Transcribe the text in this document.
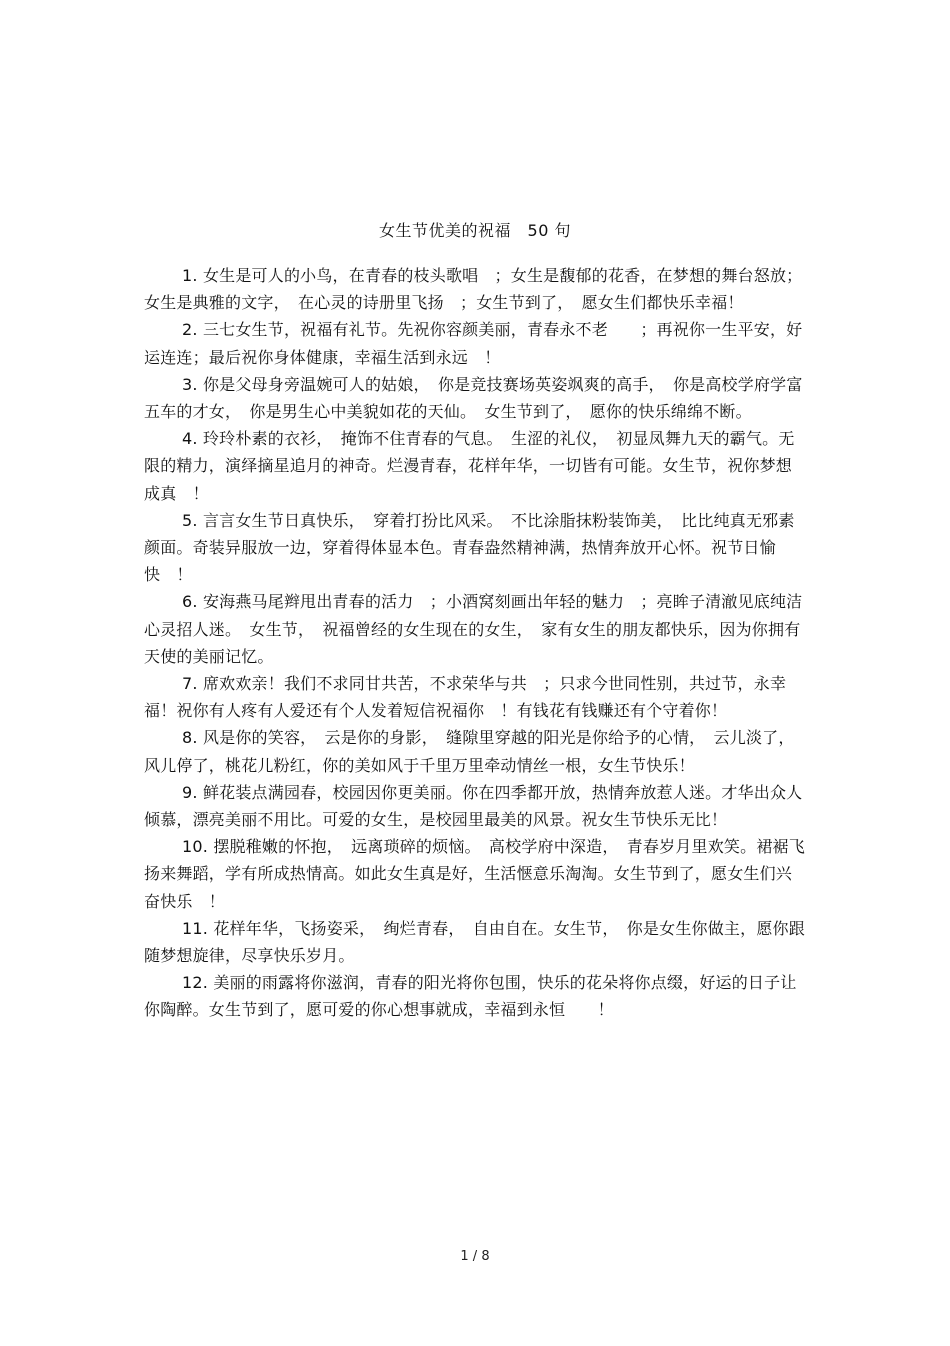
女生节优美的祝福　50 句

1. 女生是可人的小鸟，在青春的枝头歌唱　；女生是馥郁的花香，在梦想的舞台怒放；女生是典雅的文字，　在心灵的诗册里飞扬　；女生节到了，　愿女生们都快乐幸福！

2. 三七女生节，祝福有礼节。先祝你容颜美丽，青春永不老　　；再祝你一生平安，好运连连；最后祝你身体健康，幸福生活到永远　！

3. 你是父母身旁温婉可人的姑娘，　你是竞技赛场英姿飒爽的高手，　你是高校学府学富五车的才女，　你是男生心中美貌如花的天仙。　女生节到了，　愿你的快乐绵绵不断。

4. 玲玲朴素的衣衫，　掩饰不住青春的气息。　生涩的礼仪，　初显凤舞九天的霸气。无限的精力，演绎摘星追月的神奇。烂漫青春，花样年华，一切皆有可能。女生节，祝你梦想成真　！

5. 言言女生节日真快乐，　穿着打扮比风采。　不比涂脂抹粉装饰美，　比比纯真无邪素颜面。奇装异服放一边，穿着得体显本色。青春盎然精神满，热情奔放开心怀。祝节日愉快　！

6. 安海燕马尾辫甩出青春的活力　；小酒窝刻画出年轻的魅力　；亮眸子清澈见底纯洁心灵招人迷。　女生节，　祝福曾经的女生现在的女生，　家有女生的朋友都快乐，因为你拥有天使的美丽记忆。

7. 席欢欢亲！我们不求同甘共苦，不求荣华与共　；只求今世同性别，共过节，永幸福！祝你有人疼有人爱还有个人发着短信祝福你　！有钱花有钱赚还有个守着你！

8. 风是你的笑容，　云是你的身影，　缝隙里穿越的阳光是你给予的心情，　云儿淡了，风儿停了，桃花儿粉红，你的美如风于千里万里牵动情丝一根，女生节快乐！

9. 鲜花装点满园春，校园因你更美丽。你在四季都开放，热情奔放惹人迷。才华出众人倾慕，漂亮美丽不用比。可爱的女生，是校园里最美的风景。祝女生节快乐无比！

10. 摆脱稚嫩的怀抱，　远离琐碎的烦恼。　高校学府中深造，　青春岁月里欢笑。裙裾飞扬来舞蹈，学有所成热情高。如此女生真是好，生活惬意乐淘淘。女生节到了，愿女生们兴奋快乐　！

11. 花样年华，飞扬姿采，　绚烂青春，　自由自在。女生节，　你是女生你做主，愿你跟随梦想旋律，尽享快乐岁月。

12. 美丽的雨露将你滋润，青春的阳光将你包围，快乐的花朵将你点缀，好运的日子让你陶醉。女生节到了，愿可爱的你心想事就成，幸福到永恒　　！

1 / 8
